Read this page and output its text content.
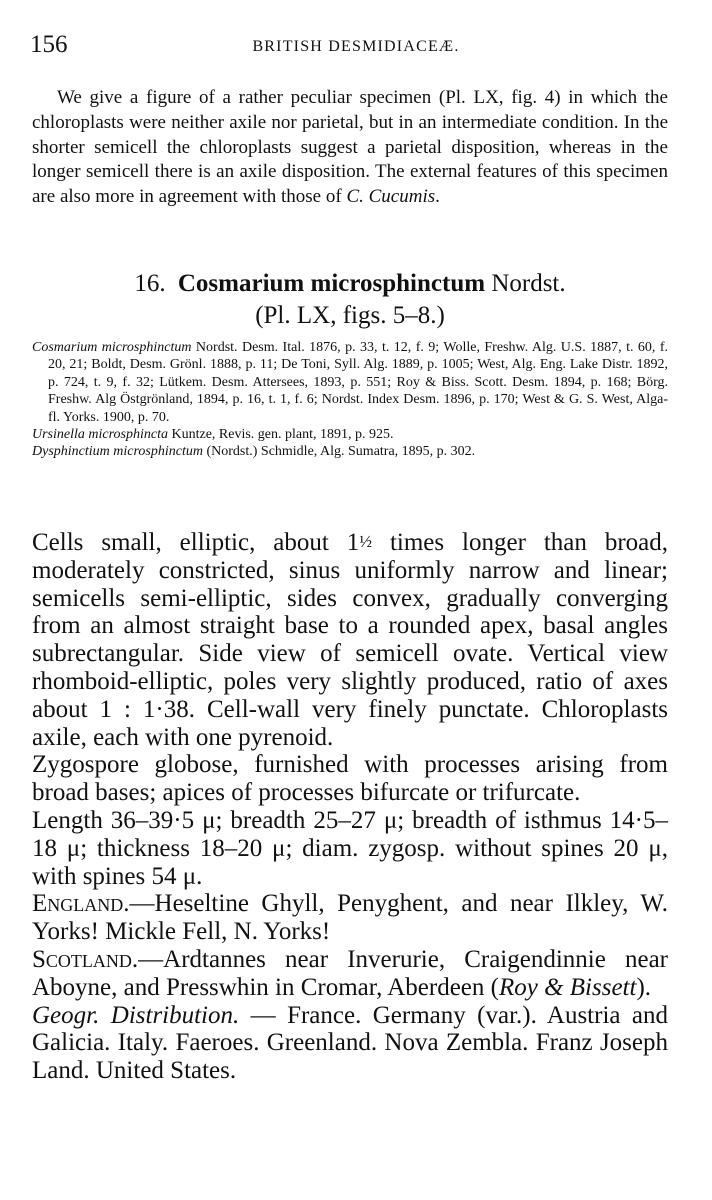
156	BRITISH DESMIDIACEÆ.

We give a figure of a rather peculiar specimen (Pl. LX, fig. 4) in which the chloroplasts were neither axile nor parietal, but in an intermediate condition. In the shorter semicell the chloroplasts suggest a parietal disposition, whereas in the longer semicell there is an axile disposition. The external features of this specimen are also more in agreement with those of C. Cucumis.

16. Cosmarium microsphinctum Nordst.
(Pl. LX, figs. 5–8.)

Cosmarium microsphinctum Nordst. Desm. Ital. 1876, p. 33, t. 12, f. 9; Wolle, Freshw. Alg. U.S. 1887, t. 60, f. 20, 21; Boldt, Desm. Grönl. 1888, p. 11; De Toni, Syll. Alg. 1889, p. 1005; West, Alg. Eng. Lake Distr. 1892, p. 724, t. 9, f. 32; Lütkem. Desm. Attersees, 1893, p. 551; Roy & Biss. Scott. Desm. 1894, p. 168; Börg. Freshw. Alg Östgrönland, 1894, p. 16, t. 1, f. 6; Nordst. Index Desm. 1896, p. 170; West & G. S. West, Alga-fl. Yorks. 1900, p. 70.

Ursinella microsphincta Kuntze, Revis. gen. plant, 1891, p. 925.

Dysphinctium microsphinctum (Nordst.) Schmidle, Alg. Sumatra, 1895, p. 302.

Cells small, elliptic, about 1½ times longer than broad, moderately constricted, sinus uniformly narrow and linear; semicells semi-elliptic, sides convex, gradually converging from an almost straight base to a rounded apex, basal angles subrectangular. Side view of semicell ovate. Vertical view rhomboid-elliptic, poles very slightly produced, ratio of axes about 1 : 1·38. Cell-wall very finely punctate. Chloroplasts axile, each with one pyrenoid.

Zygospore globose, furnished with processes arising from broad bases; apices of processes bifurcate or trifurcate.

Length 36–39·5 μ; breadth 25–27 μ; breadth of isthmus 14·5–18 μ; thickness 18–20 μ; diam. zygosp. without spines 20 μ, with spines 54 μ.

England.—Heseltine Ghyll, Penyghent, and near Ilkley, W. Yorks! Mickle Fell, N. Yorks!

Scotland.—Ardtannes near Inverurie, Craigendinnie near Aboyne, and Presswhin in Cromar, Aberdeen (Roy & Bissett).

Geogr. Distribution. — France. Germany (var.). Austria and Galicia. Italy. Faeroes. Greenland. Nova Zembla. Franz Joseph Land. United States.
